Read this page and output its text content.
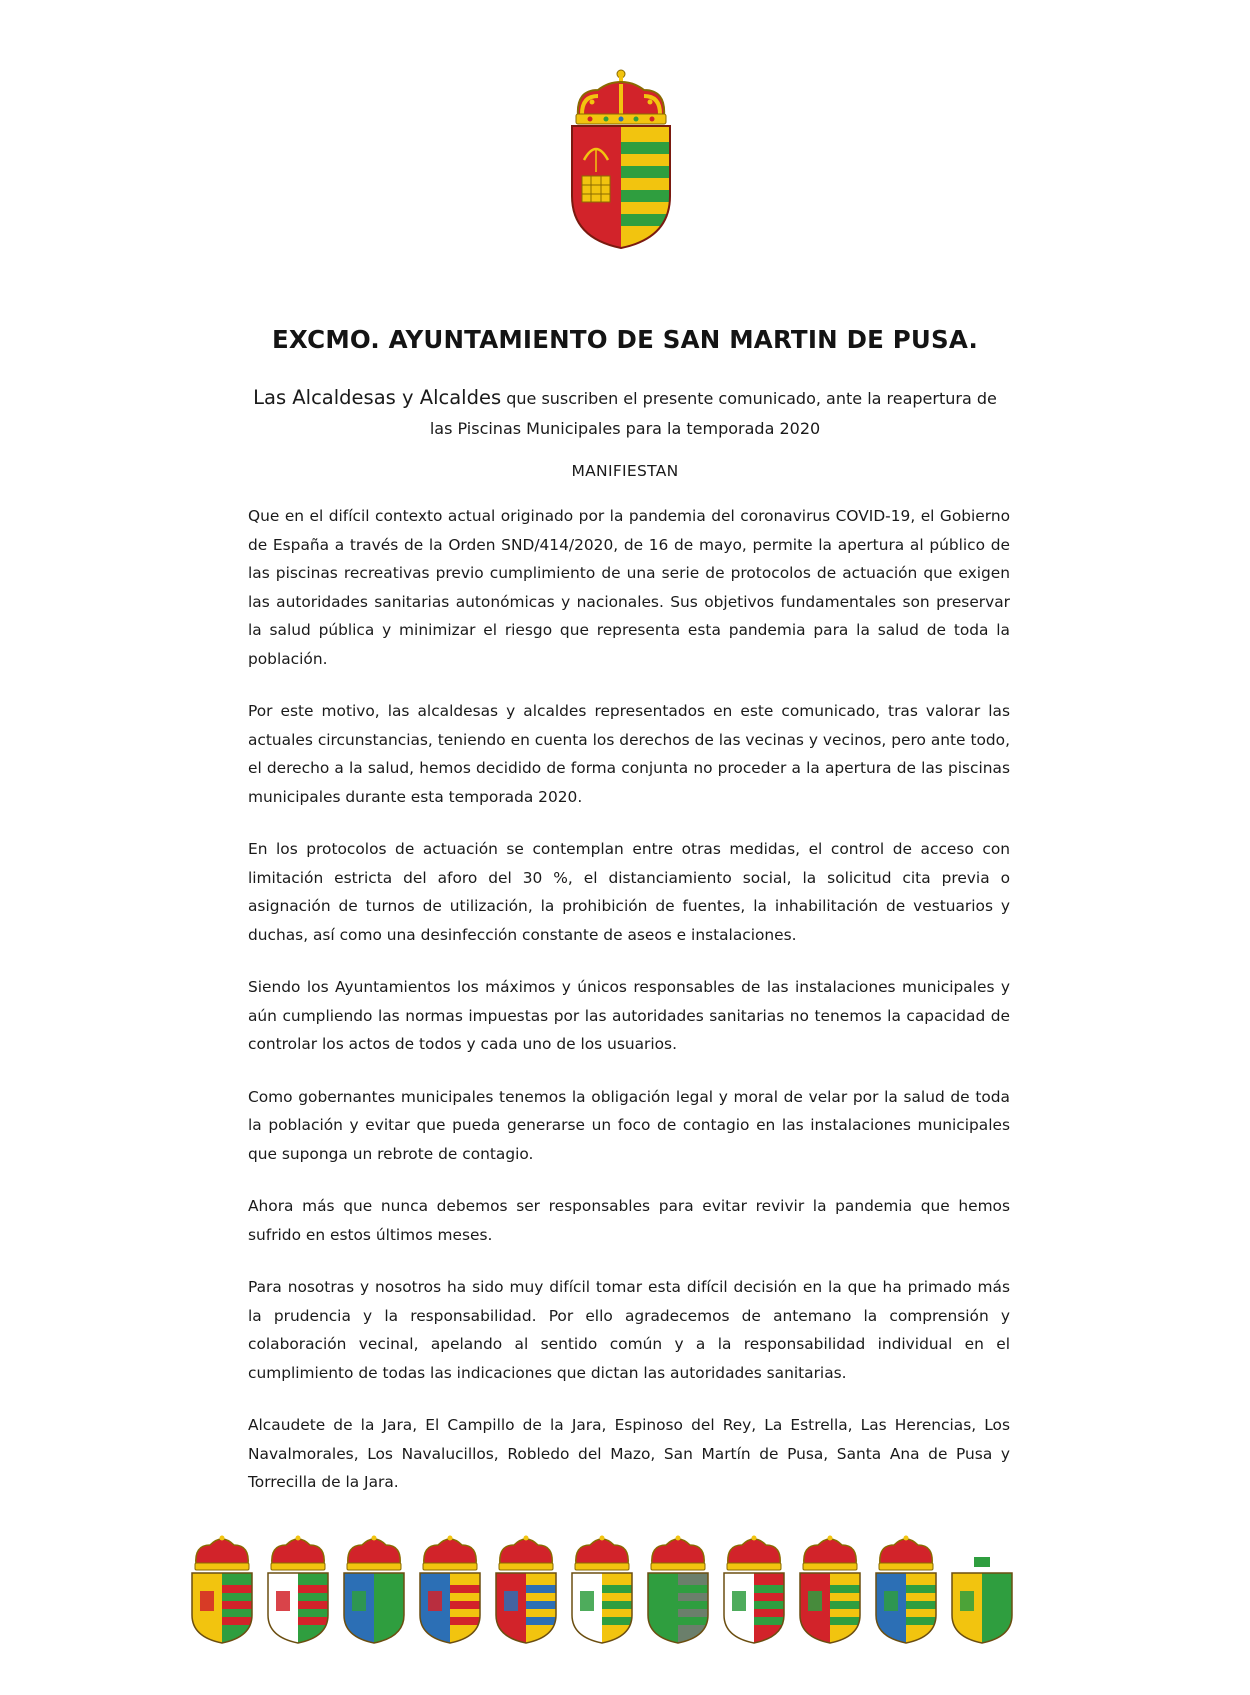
EXCMO. AYUNTAMIENTO DE SAN MARTIN DE PUSA.
Las Alcaldesas y Alcaldes que suscriben el presente comunicado, ante la reapertura de las Piscinas Municipales para la temporada 2020
MANIFIESTAN

Que en el difícil contexto actual originado por la pandemia del coronavirus COVID-19, el Gobierno de España a través de la Orden SND/414/2020, de 16 de mayo, permite la apertura al público de las piscinas recreativas previo cumplimiento de una serie de protocolos de actuación que exigen las autoridades sanitarias autonómicas y nacionales. Sus objetivos fundamentales son preservar la salud pública y minimizar el riesgo que representa esta pandemia para la salud de toda la población.

Por este motivo, las alcaldesas y alcaldes representados en este comunicado, tras valorar las actuales circunstancias, teniendo en cuenta los derechos de las vecinas y vecinos, pero ante todo, el derecho a la salud, hemos decidido de forma conjunta no proceder a la apertura de las piscinas municipales durante esta temporada 2020.

En los protocolos de actuación se contemplan entre otras medidas, el control de acceso con limitación estricta del aforo del 30 %, el distanciamiento social, la solicitud cita previa o asignación de turnos de utilización, la prohibición de fuentes, la inhabilitación de vestuarios y duchas, así como una desinfección constante de aseos e instalaciones.

Siendo los Ayuntamientos los máximos y únicos responsables de las instalaciones municipales y aún cumpliendo las normas impuestas por las autoridades sanitarias no tenemos la capacidad de controlar los actos de todos y cada uno de los usuarios.

Como gobernantes municipales tenemos la obligación legal y moral de velar por la salud de toda la población y evitar que pueda generarse un foco de contagio en las instalaciones municipales que suponga un rebrote de contagio.

Ahora más que nunca debemos ser responsables para evitar revivir la pandemia que hemos sufrido en estos últimos meses.

Para nosotras y nosotros ha sido muy difícil tomar esta difícil decisión en la que ha primado más la prudencia y la responsabilidad. Por ello agradecemos de antemano la comprensión y colaboración vecinal, apelando al sentido común y a la responsabilidad individual en el cumplimiento de todas las indicaciones que dictan las autoridades sanitarias.

Alcaudete de la Jara, El Campillo de la Jara, Espinoso del Rey, La Estrella, Las Herencias, Los Navalmorales, Los Navalucillos, Robledo del Mazo, San Martín de Pusa, Santa Ana de Pusa y Torrecilla de la Jara.
